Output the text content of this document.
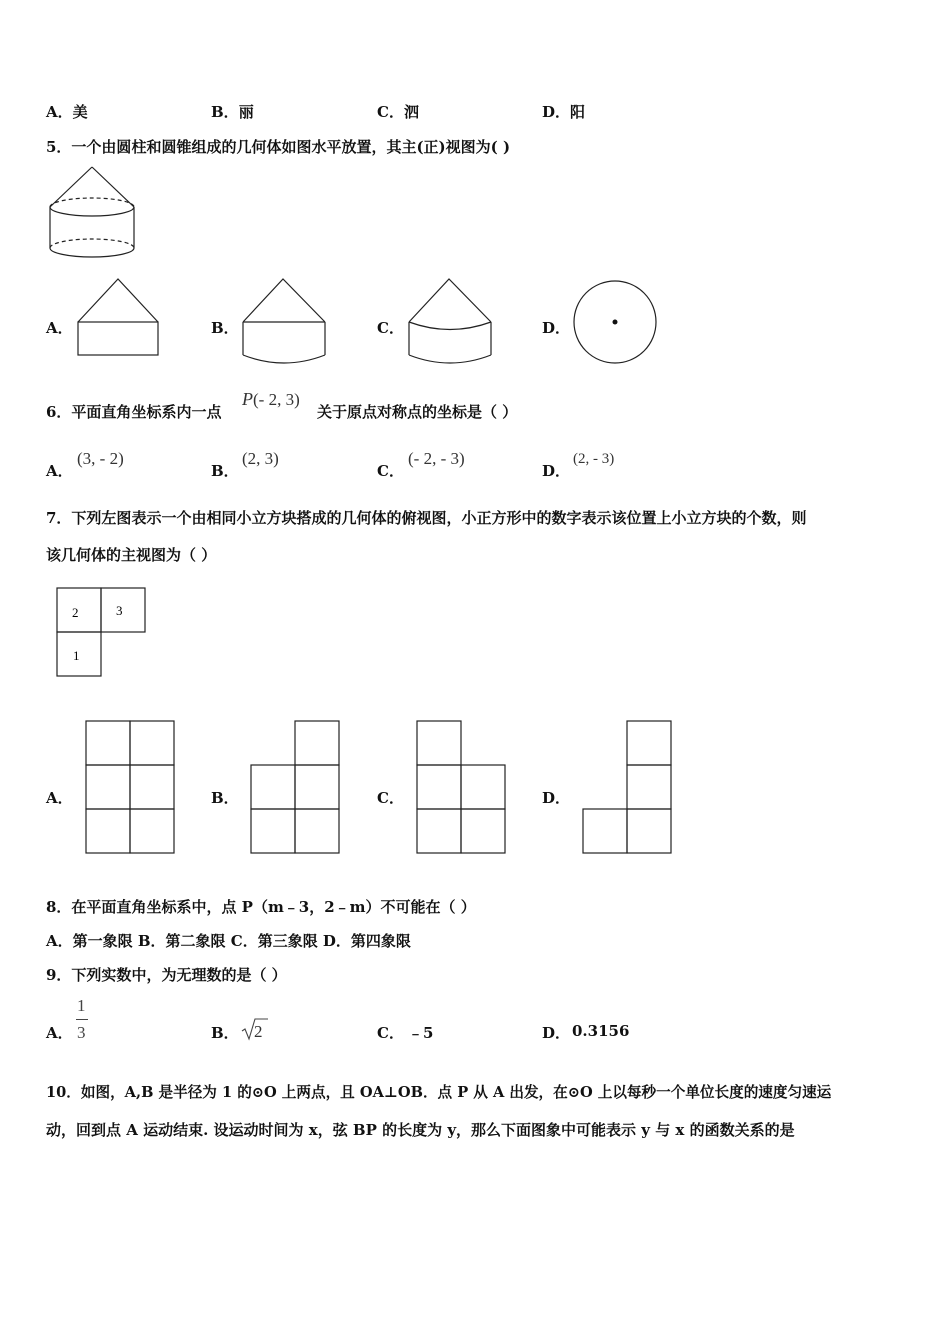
A．美	B．丽	C．泗	D．阳
5．一个由圆柱和圆锥组成的几何体如图水平放置，其主(正)视图为( )
A．	B．	C．	D．
6．平面直角坐标系内一点
P(- 2, 3)
关于原点对称点的坐标是（ ）
A．
(3, - 2)
B．
(2, 3)
C．
(- 2, - 3)
D．
(2, - 3)
7．下列左图表示一个由相同小立方块搭成的几何体的俯视图，小正方形中的数字表示该位置上小立方块的个数，则
该几何体的主视图为（ ）
2	3
1
A．	B．	C．	D．
8．在平面直角坐标系中，点 P（m﹣3，2﹣m）不可能在（ ）
A．第一象限 B．第二象限 C．第三象限 D．第四象限
9．下列实数中，为无理数的是（ ）
A．
1
3	B． 2	C． ﹣5	D． 0.3156
10．如图，A,B 是半径为 1 的⊙O 上两点，且 OA⊥OB．点 P 从 A 出发，在⊙O 上以每秒一个单位长度的速度匀速运
动，回到点 A 运动结束. 设运动时间为 x，弦 BP 的长度为 y，那么下面图象中可能表示 y 与 x 的函数关系的是
